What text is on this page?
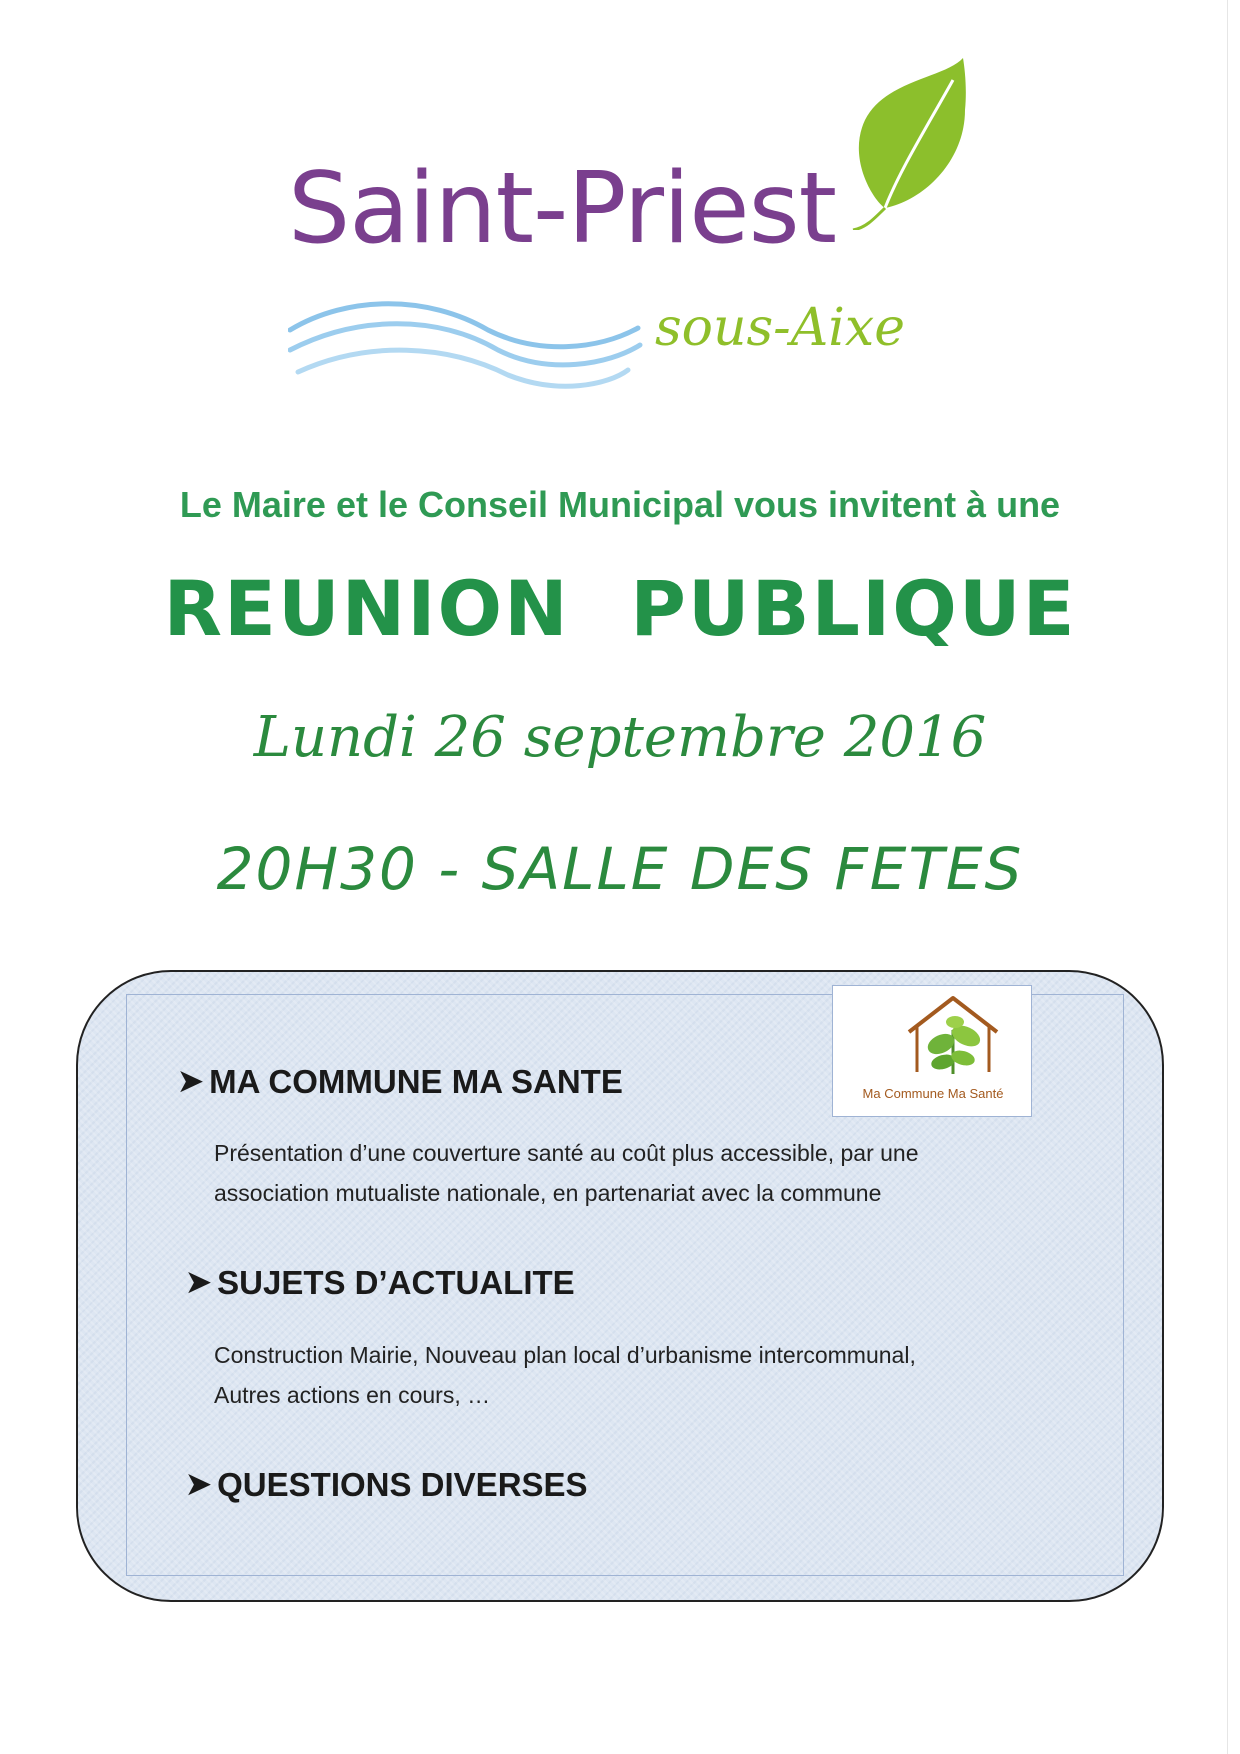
Saint-Priest
sous-Aixe

Le Maire et le Conseil Municipal vous invitent à une

REUNION PUBLIQUE

Lundi 26 septembre 2016

20H30 - SALLE DES FETES

➤ MA COMMUNE MA SANTE
Présentation d’une couverture santé au coût plus accessible, par une
association mutualiste nationale, en partenariat avec la commune
➤ SUJETS D’ACTUALITE
Construction Mairie, Nouveau plan local d’urbanisme intercommunal,
Autres actions en cours, …
➤ QUESTIONS DIVERSES
Ma Commune Ma Santé
